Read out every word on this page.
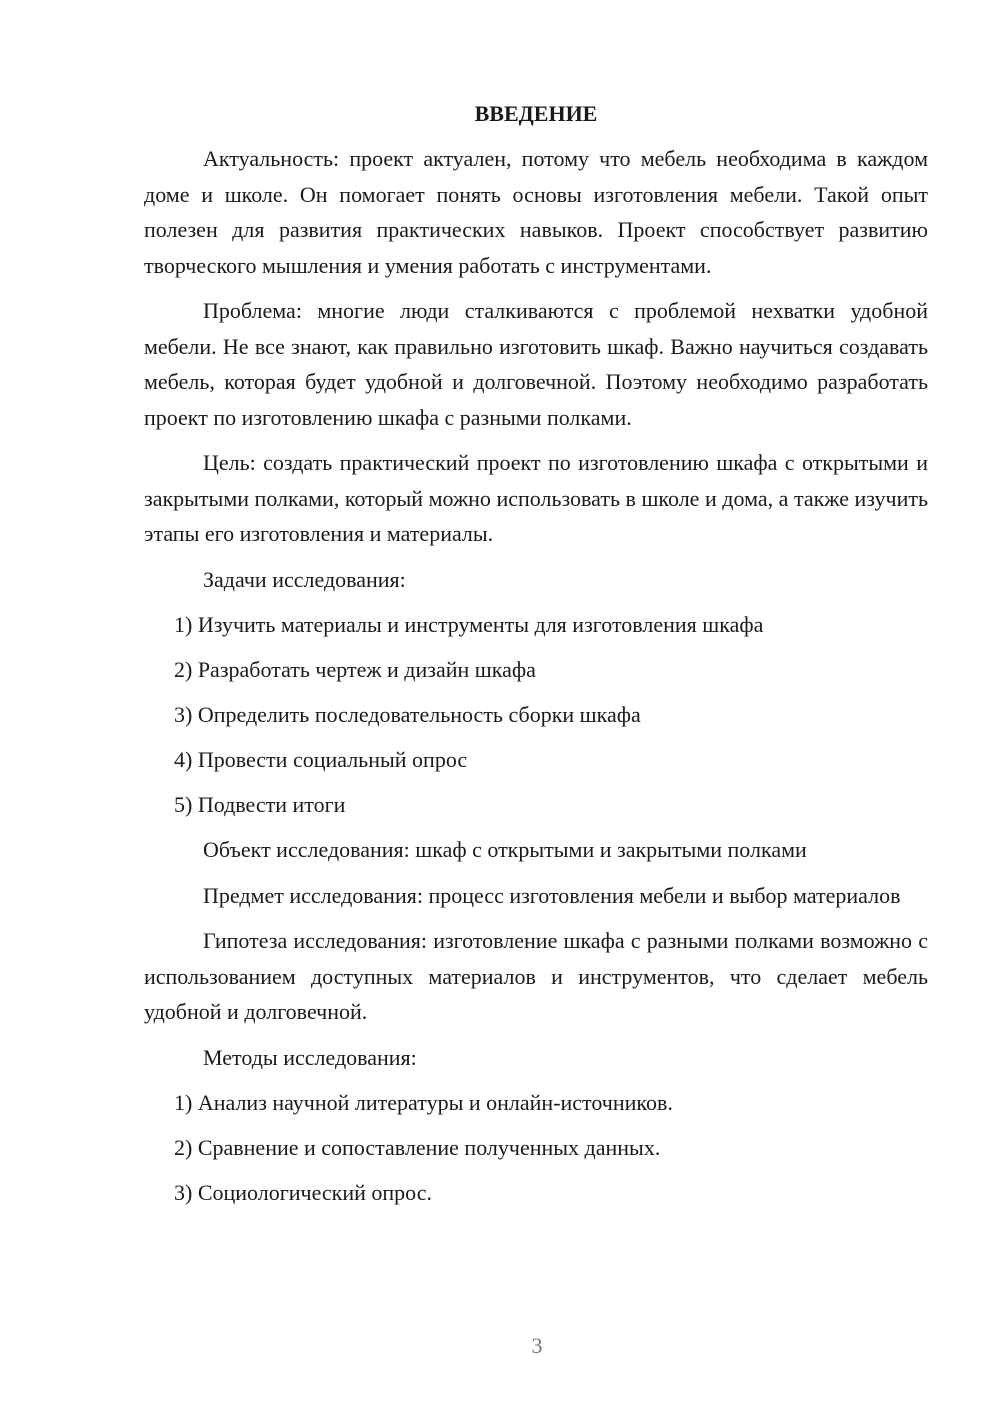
ВВЕДЕНИЕ

Актуальность: проект актуален, потому что мебель необходима в каждом доме и школе. Он помогает понять основы изготовления мебели. Такой опыт полезен для развития практических навыков. Проект способствует развитию творческого мышления и умения работать с инструментами.

Проблема: многие люди сталкиваются с проблемой нехватки удобной мебели. Не все знают, как правильно изготовить шкаф. Важно научиться создавать мебель, которая будет удобной и долговечной. Поэтому необходимо разработать проект по изготовлению шкафа с разными полками.

Цель: создать практический проект по изготовлению шкафа с открытыми и закрытыми полками, который можно использовать в школе и дома, а также изучить этапы его изготовления и материалы.

Задачи исследования:

1) Изучить материалы и инструменты для изготовления шкафа
2) Разработать чертеж и дизайн шкафа
3) Определить последовательность сборки шкафа
4) Провести социальный опрос
5) Подвести итоги

Объект исследования: шкаф с открытыми и закрытыми полками

Предмет исследования: процесс изготовления мебели и выбор материалов

Гипотеза исследования: изготовление шкафа с разными полками возможно с использованием доступных материалов и инструментов, что сделает мебель удобной и долговечной.

Методы исследования:

1) Анализ научной литературы и онлайн-источников.
2) Сравнение и сопоставление полученных данных.
3) Социологический опрос.
3
